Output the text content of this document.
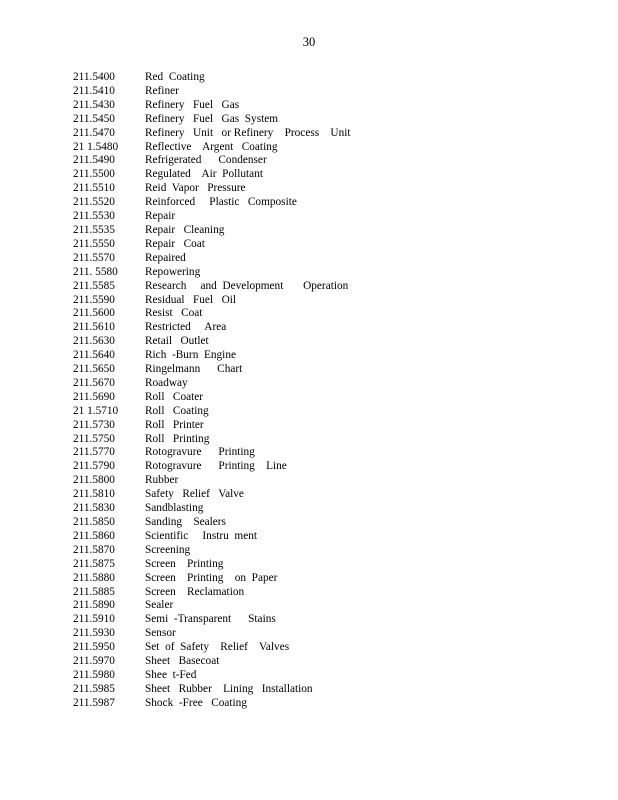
30
211.5400	Red  Coating
211.5410	Refiner
211.5430	Refinery   Fuel   Gas
211.5450	Refinery   Fuel   Gas  System
211.5470	Refinery   Unit   or Refinery    Process    Unit
21 1.5480	Reflective    Argent   Coating
211.5490	Refrigerated      Condenser
211.5500	Regulated    Air  Pollutant
211.5510	Reid  Vapor   Pressure
211.5520	Reinforced     Plastic   Composite
211.5530	Repair
211.5535	Repair   Cleaning
211.5550	Repair   Coat
211.5570	Repaired
211. 5580	Repowering
211.5585	Research     and  Development       Operation
211.5590	Residual   Fuel   Oil
211.5600	Resist   Coat
211.5610	Restricted     Area
211.5630	Retail   Outlet
211.5640	Rich  -Burn  Engine
211.5650	Ringelmann      Chart
211.5670	Roadway
211.5690	Roll   Coater
21 1.5710	Roll   Coating
211.5730	Roll   Printer
211.5750	Roll   Printing
211.5770	Rotogravure      Printing
211.5790	Rotogravure      Printing    Line
211.5800	Rubber
211.5810	Safety   Relief   Valve
211.5830	Sandblasting
211.5850	Sanding    Sealers
211.5860	Scientific     Instru  ment
211.5870	Screening
211.5875	Screen    Printing
211.5880	Screen    Printing    on  Paper
211.5885	Screen    Reclamation
211.5890	Sealer
211.5910	Semi  -Transparent      Stains
211.5930	Sensor
211.5950	Set  of  Safety    Relief    Valves
211.5970	Sheet   Basecoat
211.5980	Shee  t-Fed
211.5985	Sheet   Rubber    Lining   Installation
211.5987	Shock  -Free   Coating
